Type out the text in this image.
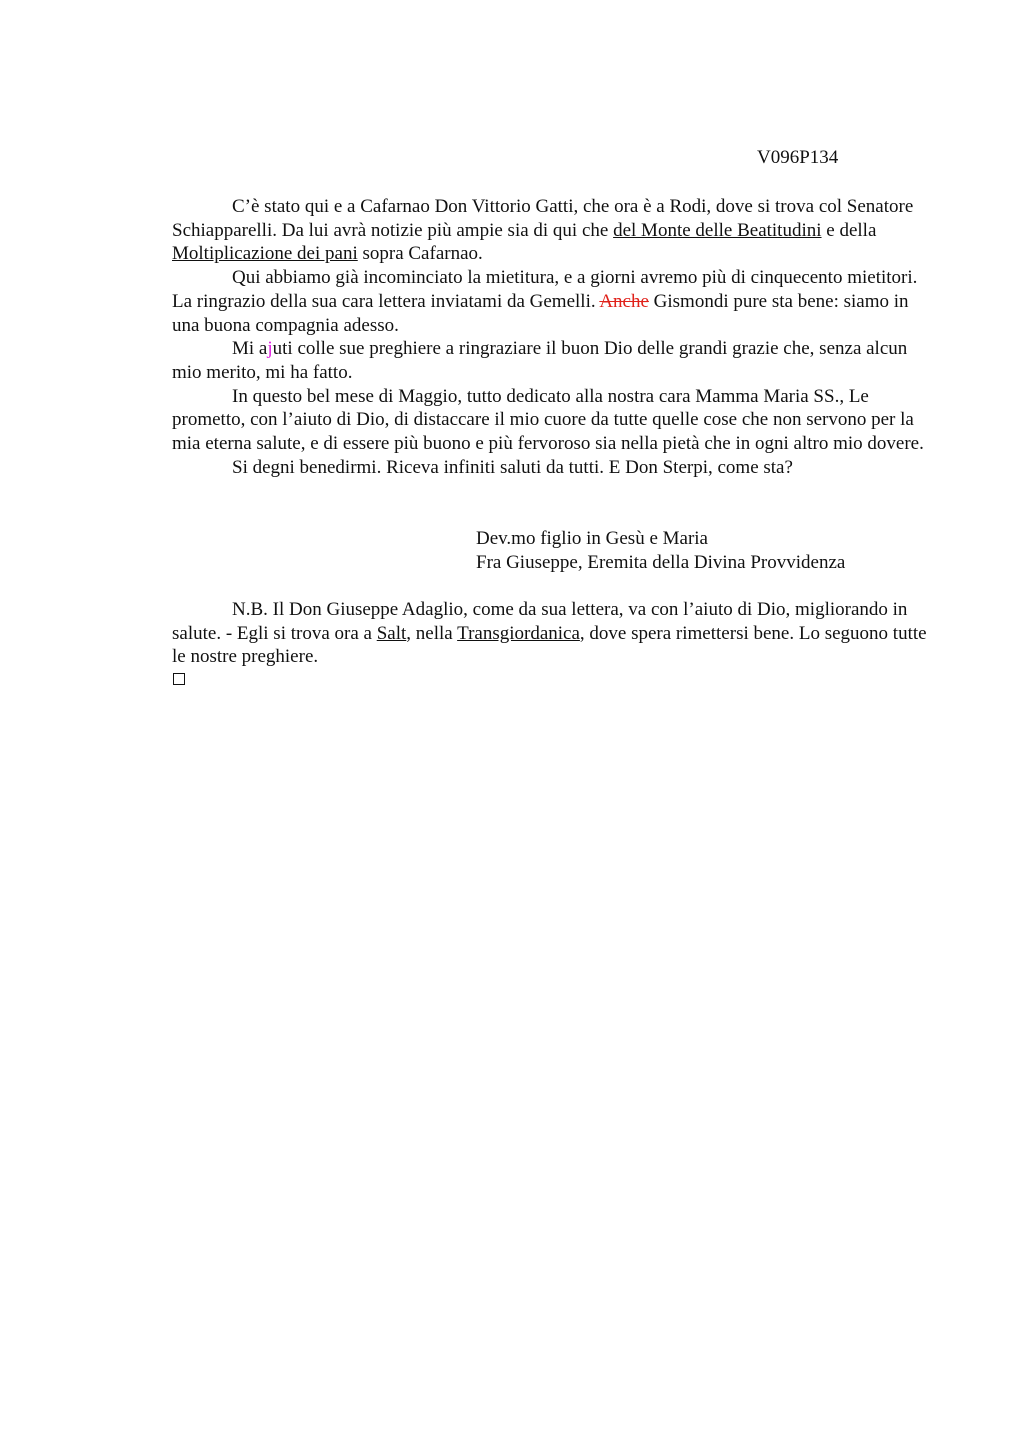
V096P134

C’è stato qui e a Cafarnao Don Vittorio Gatti, che ora è a Rodi, dove si trova col Senatore Schiapparelli. Da lui avrà notizie più ampie sia di qui che del Monte delle Beatitudini e della Moltiplicazione dei pani sopra Cafarnao.

Qui abbiamo già incominciato la mietitura, e a giorni avremo più di cinquecento mietitori. La ringrazio della sua cara lettera inviatami da Gemelli. Anche Gismondi pure sta bene: siamo in una buona compagnia adesso.

Mi ajuti colle sue preghiere a ringraziare il buon Dio delle grandi grazie che, senza alcun mio merito, mi ha fatto.

In questo bel mese di Maggio, tutto dedicato alla nostra cara Mamma Maria SS., Le prometto, con l’aiuto di Dio, di distaccare il mio cuore da tutte quelle cose che non servono per la mia eterna salute, e di essere più buono e più fervoroso sia nella pietà che in ogni altro mio dovere.

Si degni benedirmi. Riceva infiniti saluti da tutti. E Don Sterpi, come sta?

Dev.mo figlio in Gesù e Maria
Fra Giuseppe, Eremita della Divina Provvidenza

N.B. Il Don Giuseppe Adaglio, come da sua lettera, va con l’aiuto di Dio, migliorando in salute. - Egli si trova ora a Salt, nella Transgiordanica, dove spera rimettersi bene. Lo seguono tutte le nostre preghiere.
